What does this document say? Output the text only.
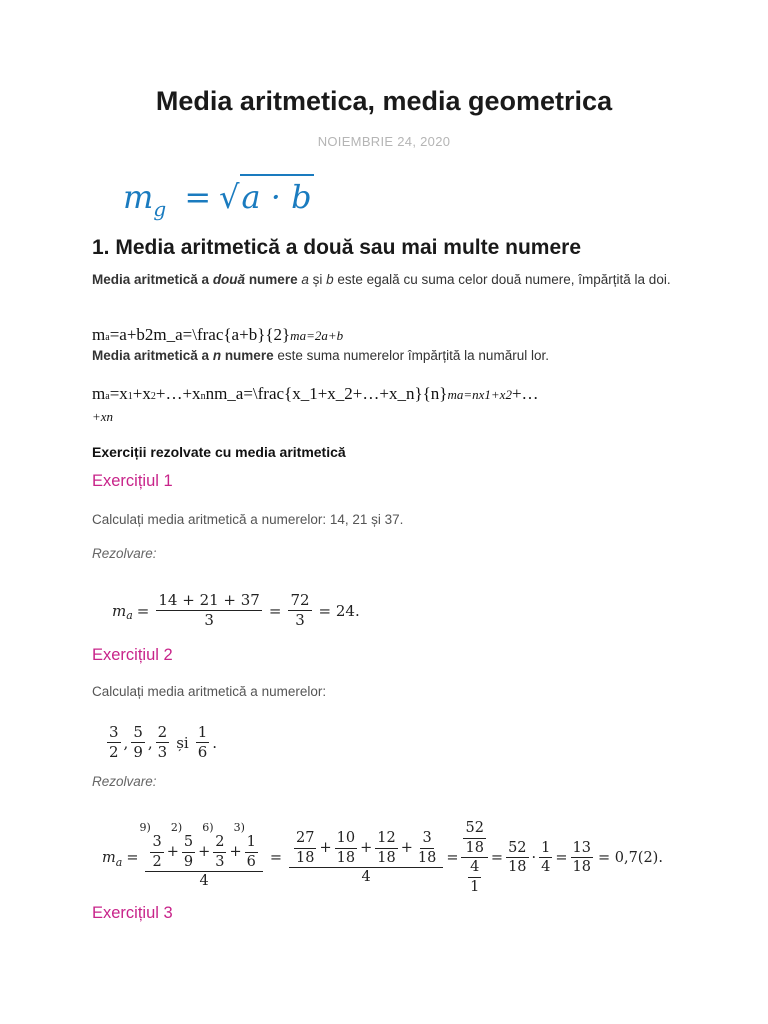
Media aritmetica, media geometrica
NOIEMBRIE 24, 2020
$m_g = √a \cdot b$
1. Media aritmetică a două sau mai multe numere
Media aritmetică a două numere a și b este egală cu suma celor două numere, împărțită la doi.
ma=a+b2m_a=\frac{a+b}{2}ma=2a+b
Media aritmetică a n numere este suma numerelor împărțită la numărul lor.
ma=x1+x2+…+xnnm_a=\frac{x_1+x_2+…+x_n}{n}ma=nx1+x2+…
+xn
Exerciții rezolvate cu media aritmetică
Exercițiul 1
Calculați media aritmetică a numerelor: 14, 21 și 37.
Rezolvare:
m $a = \frac{14 + 21 + 37}{3} = \frac{72}{3} = 24$.
Exercițiul 2
Calculați media aritmetică a numerelor:
$\frac{3}{2}$ , $\frac{5}{9}$ , $\frac{2}{3}$ și $\frac{1}{6}$ .
Rezolvare:
m a = 9)
$\frac{3}{2}$ +
2)
$\frac{5}{9}$ +
6)
$\frac{2}{3}$ +
3)
$\frac{1}{6}$
$4 = \frac{\frac{27}{18} + \frac{10}{18} + \frac{12}{18} + \frac{3}{18}}{4} = \frac{\frac{52}{18}}{\frac{4}{1}} = \frac{52}{18} \cdot \frac{1}{4} = \frac{13}{18} = 0,7(2)$.
Exercițiul 3
